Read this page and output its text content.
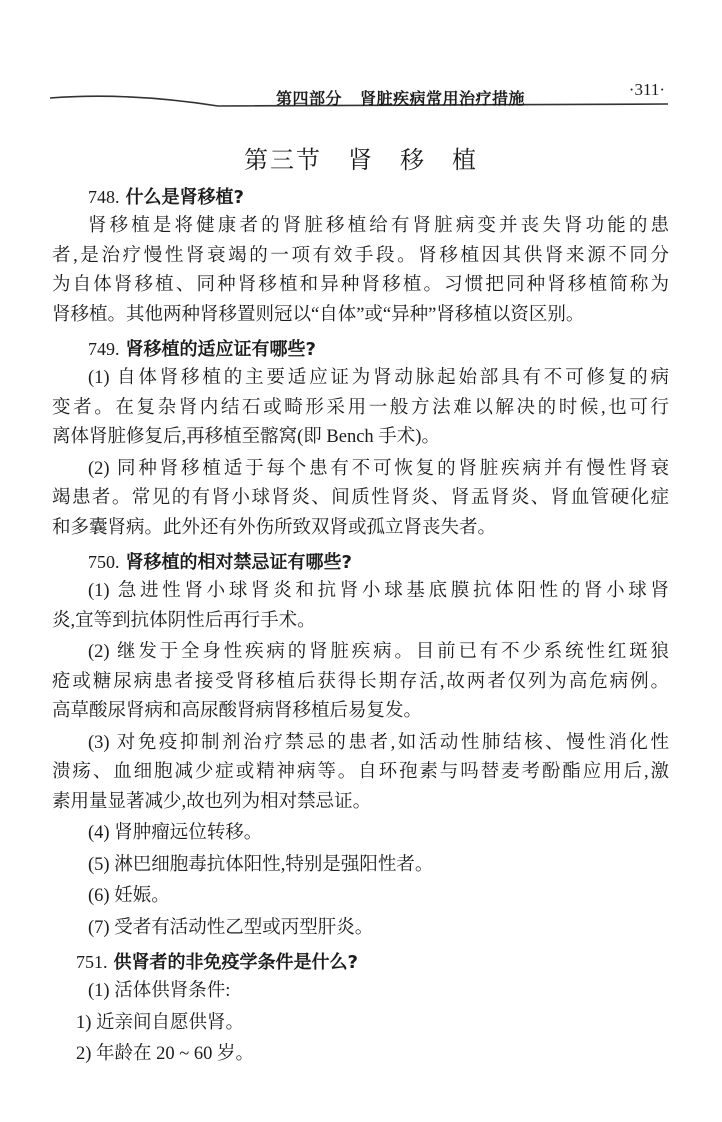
第四部分 肾脏疾病常用治疗措施	·311·
第三节　肾　移　植
748. 什么是肾移植?
肾移植是将健康者的肾脏移植给有肾脏病变并丧失肾功能的患
者,是治疗慢性肾衰竭的一项有效手段。肾移植因其供肾来源不同分
为自体肾移植、同种肾移植和异种肾移植。习惯把同种肾移植简称为
肾移植。其他两种肾移置则冠以“自体”或“异种”肾移植以资区别。
749. 肾移植的适应证有哪些?
(1) 自体肾移植的主要适应证为肾动脉起始部具有不可修复的病
变者。在复杂肾内结石或畸形采用一般方法难以解决的时候,也可行
离体肾脏修复后,再移植至髂窝(即 Bench 手术)。
(2) 同种肾移植适于每个患有不可恢复的肾脏疾病并有慢性肾衰
竭患者。常见的有肾小球肾炎、间质性肾炎、肾盂肾炎、肾血管硬化症
和多囊肾病。此外还有外伤所致双肾或孤立肾丧失者。
750. 肾移植的相对禁忌证有哪些?
(1) 急进性肾小球肾炎和抗肾小球基底膜抗体阳性的肾小球肾
炎,宜等到抗体阴性后再行手术。
(2) 继发于全身性疾病的肾脏疾病。目前已有不少系统性红斑狼
疮或糖尿病患者接受肾移植后获得长期存活,故两者仅列为高危病例。
高草酸尿肾病和高尿酸肾病肾移植后易复发。
(3) 对免疫抑制剂治疗禁忌的患者,如活动性肺结核、慢性消化性
溃疡、血细胞减少症或精神病等。自环孢素与吗替麦考酚酯应用后,激
素用量显著减少,故也列为相对禁忌证。
(4) 肾肿瘤远位转移。
(5) 淋巴细胞毒抗体阳性,特别是强阳性者。
(6) 妊娠。
(7) 受者有活动性乙型或丙型肝炎。
751. 供肾者的非免疫学条件是什么?
(1) 活体供肾条件:
1) 近亲间自愿供肾。
2) 年龄在 20 ~ 60 岁。
